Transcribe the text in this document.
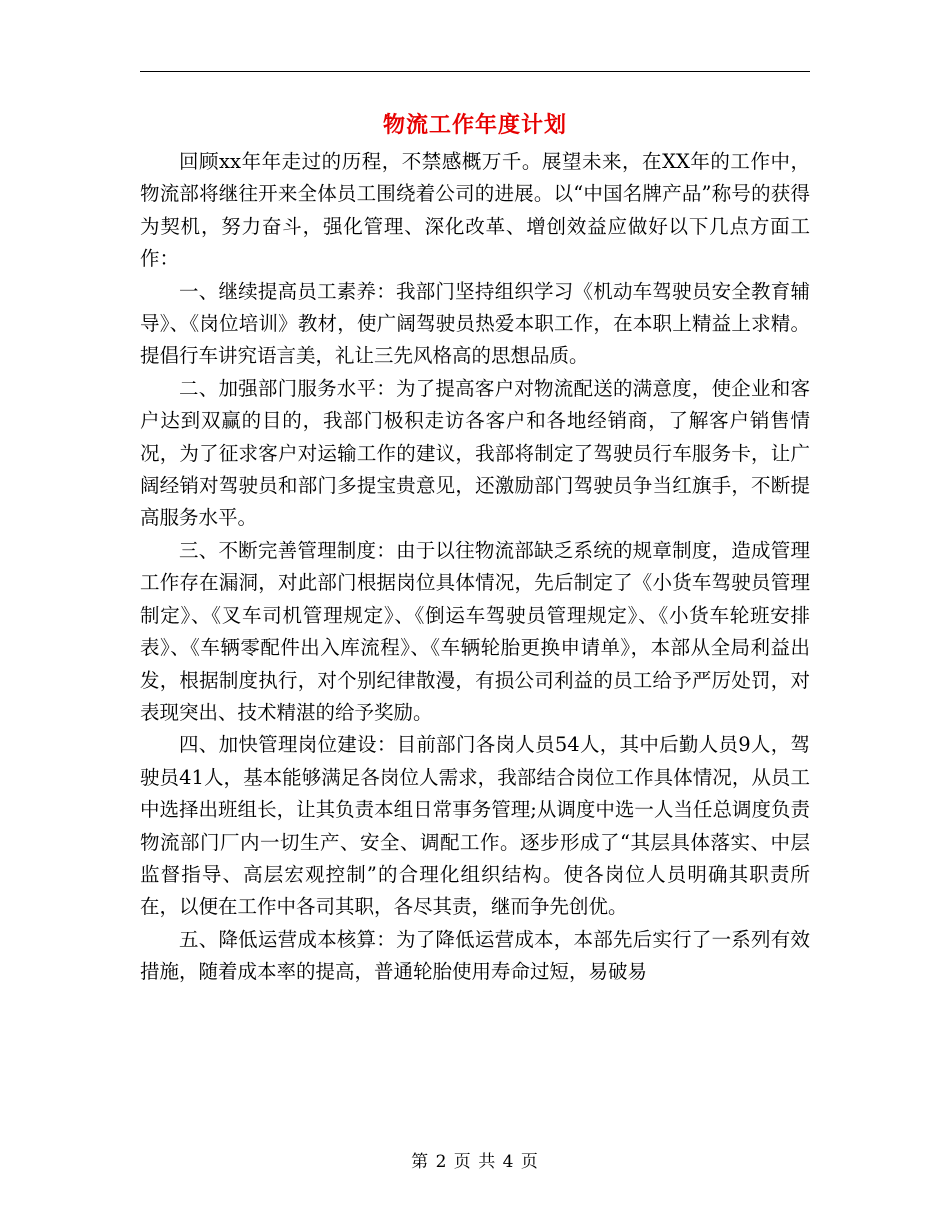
物流工作年度计划

回顾xx年年走过的历程，不禁感概万千。展望未来，在XX年的工作中，物流部将继往开来全体员工围绕着公司的进展。以“中国名牌产品”称号的获得为契机，努力奋斗，强化管理、深化改革、增创效益应做好以下几点方面工作：

一、继续提高员工素养：我部门坚持组织学习《机动车驾驶员安全教育辅导》、《岗位培训》教材，使广阔驾驶员热爱本职工作，在本职上精益上求精。提倡行车讲究语言美，礼让三先风格高的思想品质。

二、加强部门服务水平：为了提高客户对物流配送的满意度，使企业和客户达到双赢的目的，我部门极积走访各客户和各地经销商，了解客户销售情况，为了征求客户对运输工作的建议，我部将制定了驾驶员行车服务卡，让广阔经销对驾驶员和部门多提宝贵意见，还激励部门驾驶员争当红旗手，不断提高服务水平。

三、不断完善管理制度：由于以往物流部缺乏系统的规章制度，造成管理工作存在漏洞，对此部门根据岗位具体情况，先后制定了《小货车驾驶员管理制定》、《叉车司机管理规定》、《倒运车驾驶员管理规定》、《小货车轮班安排表》、《车辆零配件出入库流程》、《车辆轮胎更换申请单》，本部从全局利益出发，根据制度执行，对个别纪律散漫，有损公司利益的员工给予严厉处罚，对表现突出、技术精湛的给予奖励。

四、加快管理岗位建设：目前部门各岗人员54人，其中后勤人员9人，驾驶员41人，基本能够满足各岗位人需求，我部结合岗位工作具体情况，从员工中选择出班组长，让其负责本组日常事务管理;从调度中选一人当任总调度负责物流部门厂内一切生产、安全、调配工作。逐步形成了“其层具体落实、中层监督指导、高层宏观控制”的合理化组织结构。使各岗位人员明确其职责所在，以便在工作中各司其职，各尽其责，继而争先创优。

五、降低运营成本核算：为了降低运营成本，本部先后实行了一系列有效措施，随着成本率的提高，普通轮胎使用寿命过短，易破易

第 2 页 共 4 页
